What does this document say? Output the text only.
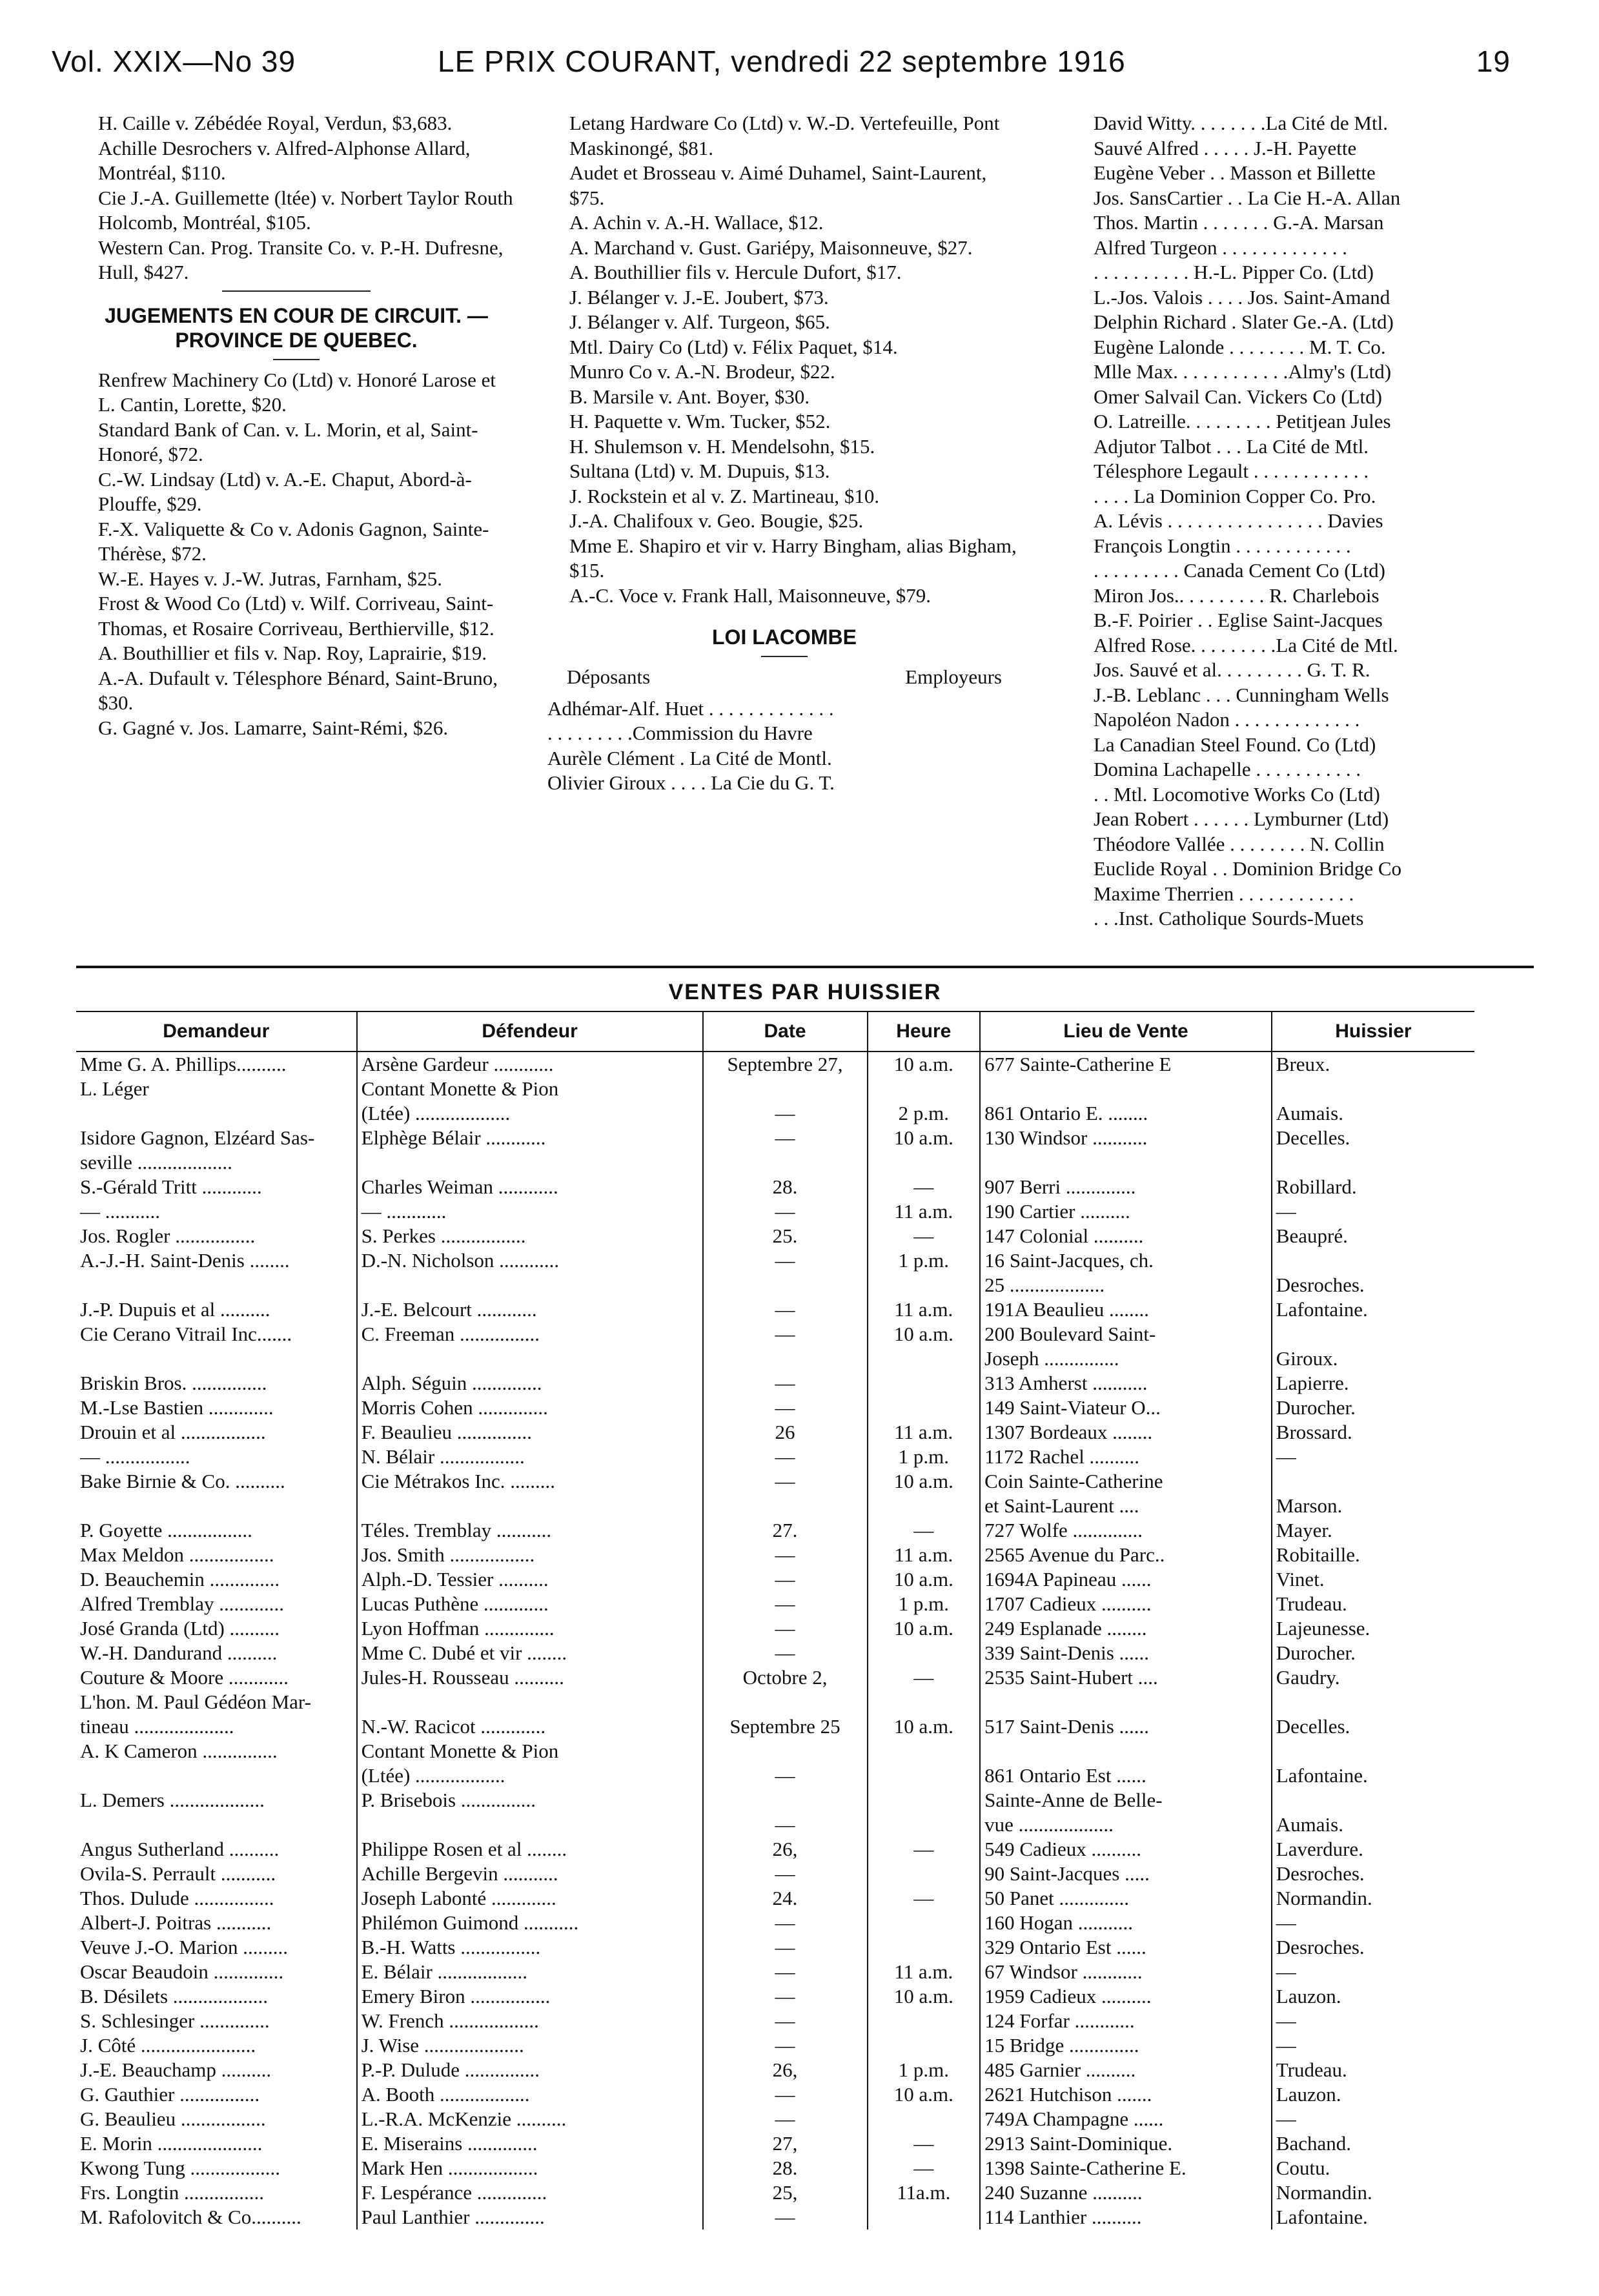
Vol. XXIX—No 39	LE PRIX COURANT, vendredi 22 septembre 1916	19

H. Caille v. Zébédée Royal, Verdun, $3,683.

Achille Desrochers v. Alfred-Alphonse Allard, Montréal, $110.

Cie J.-A. Guillemette (ltée) v. Norbert Taylor Routh Holcomb, Montréal, $105.

Western Can. Prog. Transite Co. v. P.-H. Dufresne, Hull, $427.

JUGEMENTS EN COUR DE CIRCUIT. — PROVINCE DE QUEBEC.

Renfrew Machinery Co (Ltd) v. Honoré Larose et L. Cantin, Lorette, $20.

Standard Bank of Can. v. L. Morin, et al, Saint-Honoré, $72.

C.-W. Lindsay (Ltd) v. A.-E. Chaput, Abord-à-Plouffe, $29.

F.-X. Valiquette & Co v. Adonis Gagnon, Sainte-Thérèse, $72.

W.-E. Hayes v. J.-W. Jutras, Farnham, $25.

Frost & Wood Co (Ltd) v. Wilf. Corriveau, Saint-Thomas, et Rosaire Corriveau, Berthierville, $12.

A. Bouthillier et fils v. Nap. Roy, Laprairie, $19.

A.-A. Dufault v. Télesphore Bénard, Saint-Bruno, $30.

G. Gagné v. Jos. Lamarre, Saint-Rémi, $26.

Letang Hardware Co (Ltd) v. W.-D. Vertefeuille, Pont Maskinongé, $81.

Audet et Brosseau v. Aimé Duhamel, Saint-Laurent, $75.

A. Achin v. A.-H. Wallace, $12.

A. Marchand v. Gust. Gariépy, Maisonneuve, $27.

A. Bouthillier fils v. Hercule Dufort, $17.

J. Bélanger v. J.-E. Joubert, $73.

J. Bélanger v. Alf. Turgeon, $65.

Mtl. Dairy Co (Ltd) v. Félix Paquet, $14.

Munro Co v. A.-N. Brodeur, $22.

B. Marsile v. Ant. Boyer, $30.

H. Paquette v. Wm. Tucker, $52.

H. Shulemson v. H. Mendelsohn, $15.

Sultana (Ltd) v. M. Dupuis, $13.

J. Rockstein et al v. Z. Martineau, $10.

J.-A. Chalifoux v. Geo. Bougie, $25.

Mme E. Shapiro et vir v. Harry Bingham, alias Bigham, $15.

A.-C. Voce v. Frank Hall, Maisonneuve, $79.

LOI LACOMBE
Déposants	Employeurs

Adhémar-Alf. Huet . . . . . . . . . . . . .

. . . . . . . . .Commission du Havre

Aurèle Clément . La Cité de Montl.

Olivier Giroux . . . . La Cie du G. T.

David Witty. . . . . . . .La Cité de Mtl.

Sauvé Alfred . . . . . J.-H. Payette

Eugène Veber . . Masson et Billette

Jos. SansCartier . . La Cie H.-A. Allan

Thos. Martin . . . . . . . G.-A. Marsan

Alfred Turgeon . . . . . . . . . . . . .

. . . . . . . . . . H.-L. Pipper Co. (Ltd)

L.-Jos. Valois . . . . Jos. Saint-Amand

Delphin Richard . Slater Ge.-A. (Ltd)

Eugène Lalonde . . . . . . . . M. T. Co.

Mlle Max. . . . . . . . . . . .Almy's (Ltd)

Omer Salvail Can. Vickers Co (Ltd)

O. Latreille. . . . . . . . . Petitjean Jules

Adjutor Talbot . . . La Cité de Mtl.

Télesphore Legault . . . . . . . . . . . .

. . . . La Dominion Copper Co. Pro.

A. Lévis . . . . . . . . . . . . . . . . Davies

François Longtin . . . . . . . . . . . .

. . . . . . . . . Canada Cement Co (Ltd)

Miron Jos.. . . . . . . . . R. Charlebois

B.-F. Poirier . . Eglise Saint-Jacques

Alfred Rose. . . . . . . . .La Cité de Mtl.

Jos. Sauvé et al. . . . . . . . . G. T. R.

J.-B. Leblanc . . . Cunningham Wells

Napoléon Nadon . . . . . . . . . . . . .

La Canadian Steel Found. Co (Ltd)

Domina Lachapelle . . . . . . . . . . .

. . Mtl. Locomotive Works Co (Ltd)

Jean Robert . . . . . . Lymburner (Ltd)

Théodore Vallée . . . . . . . . N. Collin

Euclide Royal . . Dominion Bridge Co

Maxime Therrien . . . . . . . . . . . .

. . .Inst. Catholique Sourds-Muets

VENTES PAR HUISSIER
Demandeur	Défendeur	Date	Heure	Lieu de Vente	Huissier
Mme G. A. Phillips..........	Arsène Gardeur ............	Septembre 27,	10 a.m.	677 Sainte-Catherine E	Breux.
L. Léger	Contant Monette & Pion				
	(Ltée) ...................	—	2 p.m.	861 Ontario E. ........	Aumais.
Isidore Gagnon, Elzéard Sas-	Elphège Bélair ............	—	10 a.m.	130 Windsor ...........	Decelles.
seville ...................					
S.-Gérald Tritt ............	Charles Weiman ............	28.	—	907 Berri ..............	Robillard.
— ...........	— ............	—	11 a.m.	190 Cartier ..........	—
Jos. Rogler ................	S. Perkes .................	25.	—	147 Colonial ..........	Beaupré.
A.-J.-H. Saint-Denis ........	D.-N. Nicholson ............	—	1 p.m.	16 Saint-Jacques, ch.	
				25 ...................	Desroches.
J.-P. Dupuis et al ..........	J.-E. Belcourt ............	—	11 a.m.	191A Beaulieu ........	Lafontaine.
Cie Cerano Vitrail Inc.......	C. Freeman ................	—	10 a.m.	200 Boulevard Saint-	
				Joseph ...............	Giroux.
Briskin Bros. ...............	Alph. Séguin ..............	—		313 Amherst ...........	Lapierre.
M.-Lse Bastien .............	Morris Cohen ..............	—		149 Saint-Viateur O...	Durocher.
Drouin et al .................	F. Beaulieu ...............	26	11 a.m.	1307 Bordeaux ........	Brossard.
— .................	N. Bélair .................	—	1 p.m.	1172 Rachel ..........	—
Bake Birnie & Co. ..........	Cie Métrakos Inc. .........	—	10 a.m.	Coin Sainte-Catherine	
				et Saint-Laurent ....	Marson.
P. Goyette .................	Téles. Tremblay ...........	27.	—	727 Wolfe ..............	Mayer.
Max Meldon .................	Jos. Smith .................	—	11 a.m.	2565 Avenue du Parc..	Robitaille.
D. Beauchemin ..............	Alph.-D. Tessier ..........	—	10 a.m.	1694A Papineau ......	Vinet.
Alfred Tremblay .............	Lucas Puthène .............	—	1 p.m.	1707 Cadieux ..........	Trudeau.
José Granda (Ltd) ..........	Lyon Hoffman ..............	—	10 a.m.	249 Esplanade ........	Lajeunesse.
W.-H. Dandurand ..........	Mme C. Dubé et vir ........	—		339 Saint-Denis ......	Durocher.
Couture & Moore ............	Jules-H. Rousseau ..........	Octobre 2,	—	2535 Saint-Hubert ....	Gaudry.
L'hon. M. Paul Gédéon Mar-					
tineau ....................	N.-W. Racicot .............	Septembre 25	10 a.m.	517 Saint-Denis ......	Decelles.
A. K Cameron ...............	Contant Monette & Pion				
	(Ltée) ..................	—		861 Ontario Est ......	Lafontaine.
L. Demers ...................	P. Brisebois ...............			Sainte-Anne de Belle-	
		—		vue ...................	Aumais.
Angus Sutherland ..........	Philippe Rosen et al ........	26,	—	549 Cadieux ..........	Laverdure.
Ovila-S. Perrault ...........	Achille Bergevin ...........	—		90 Saint-Jacques .....	Desroches.
Thos. Dulude ................	Joseph Labonté .............	24.	—	50 Panet ..............	Normandin.
Albert-J. Poitras ...........	Philémon Guimond ...........	—		160 Hogan ...........	—
Veuve J.-O. Marion .........	B.-H. Watts ................	—		329 Ontario Est ......	Desroches.
Oscar Beaudoin ..............	E. Bélair ..................	—	11 a.m.	67 Windsor ............	—
B. Désilets ...................	Emery Biron ................	—	10 a.m.	1959 Cadieux ..........	Lauzon.
S. Schlesinger ..............	W. French ..................	—		124 Forfar ............	—
J. Côté .......................	J. Wise ....................	—		15 Bridge ..............	—
J.-E. Beauchamp ..........	P.-P. Dulude ...............	26,	1 p.m.	485 Garnier ..........	Trudeau.
G. Gauthier ................	A. Booth ..................	—	10 a.m.	2621 Hutchison .......	Lauzon.
G. Beaulieu .................	L.-R.A. McKenzie ..........	—		749A Champagne ......	—
E. Morin .....................	E. Miserains ..............	27,	—	2913 Saint-Dominique.	Bachand.
Kwong Tung ..................	Mark Hen ..................	28.	—	1398 Sainte-Catherine E.	Coutu.
Frs. Longtin ................	F. Lespérance ..............	25,	11a.m.	240 Suzanne ..........	Normandin.
M. Rafolovitch & Co..........	Paul Lanthier ..............	—		114 Lanthier ..........	Lafontaine.
